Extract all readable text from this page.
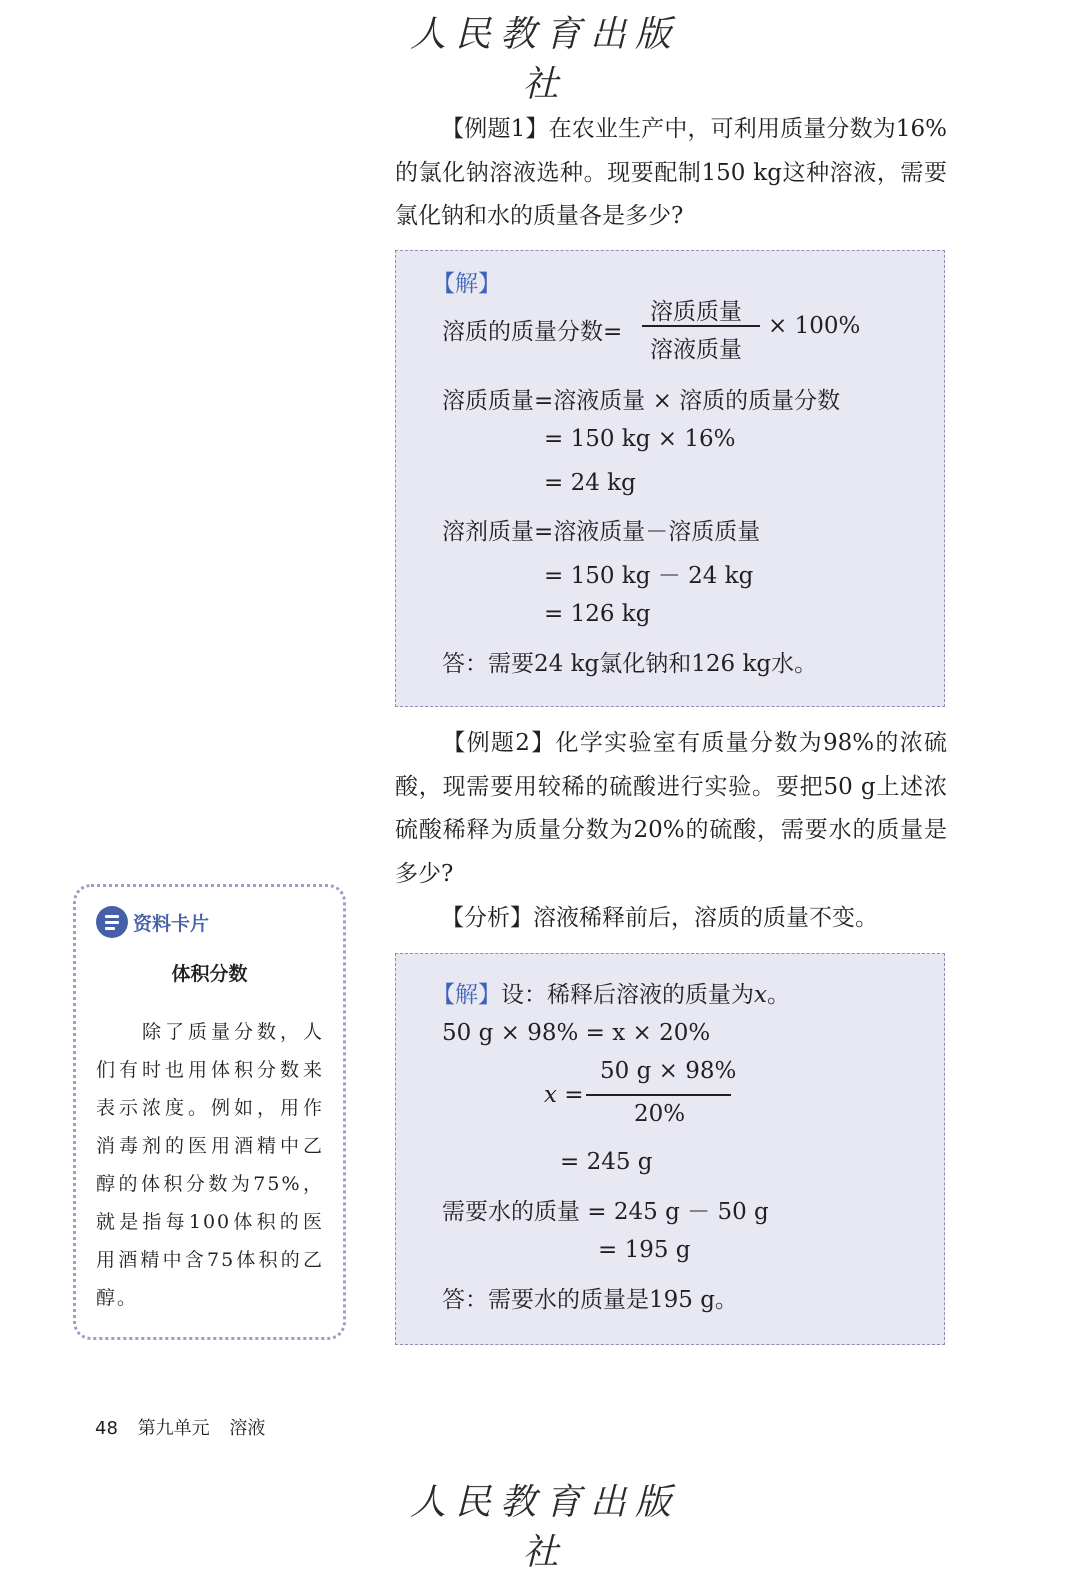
人民教育出版社

【例题1】在农业生产中，可利用质量分数为16%的氯化钠溶液选种。现要配制150 kg这种溶液，需要氯化钠和水的质量各是多少?

【解】
溶质的质量分数=
溶质质量
溶液质量
× 100%
溶质质量=溶液质量 × 溶质的质量分数
= 150 kg × 16%
= 24 kg
溶剂质量=溶液质量－溶质质量
= 150 kg － 24 kg
= 126 kg
答：需要24 kg氯化钠和126 kg水。

【例题2】化学实验室有质量分数为98%的浓硫酸，现需要用较稀的硫酸进行实验。要把50 g上述浓硫酸稀释为质量分数为20%的硫酸，需要水的质量是多少?

【分析】溶液稀释前后，溶质的质量不变。

【解】设：稀释后溶液的质量为x。
50 g × 98% = x × 20%
50 g × 98%
x =
20%
= 245 g
需要水的质量 = 245 g － 50 g
= 195 g
答：需要水的质量是195 g。
资料卡片
体积分数

除了质量分数，人们有时也用体积分数来表示浓度。例如，用作消毒剂的医用酒精中乙醇的体积分数为75%，就是指每100体积的医用酒精中含75体积的乙醇。

48 第九单元 溶液
人民教育出版社
